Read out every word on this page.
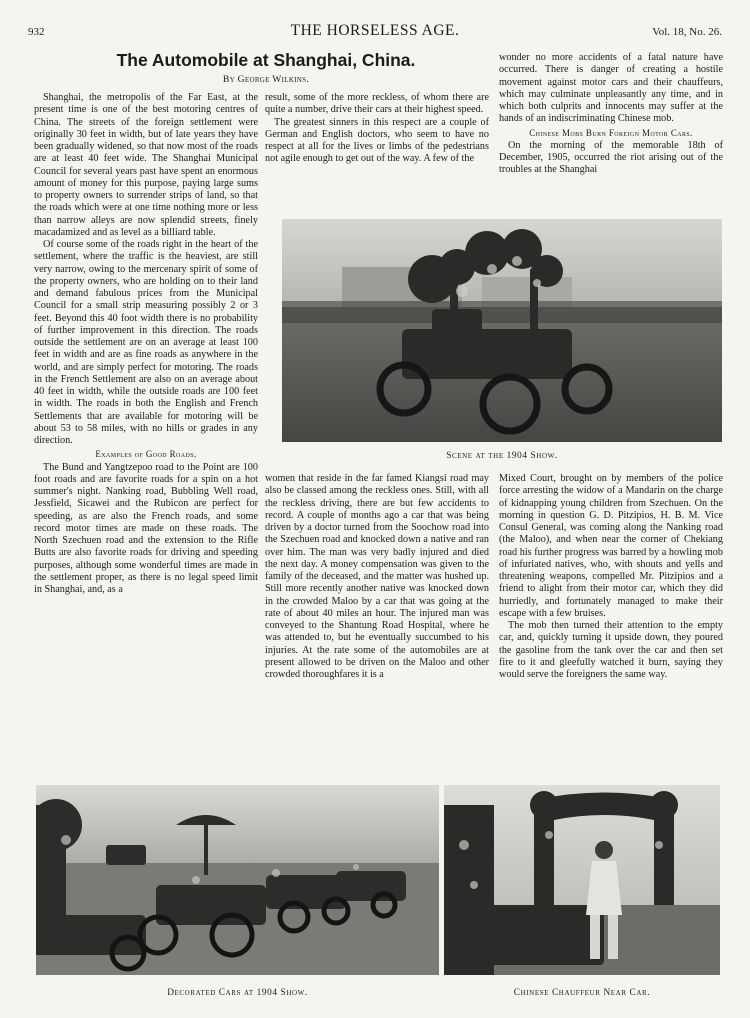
932	THE HORSELESS AGE.	Vol. 18, No. 26.
The Automobile at Shanghai, China.
By George Wilkins.

Shanghai, the metropolis of the Far East, at the present time is one of the best motoring centres of China. The streets of the foreign settlement were originally 30 feet in width, but of late years they have been gradually widened, so that now most of the roads are at least 40 feet wide. The Shanghai Municipal Council for several years past have spent an enormous amount of money for this purpose, paying large sums to property owners to surrender strips of land, so that the roads which were at one time nothing more or less than narrow alleys are now splendid streets, finely macadamized and as level as a billiard table.

Of course some of the roads right in the heart of the settlement, where the traffic is the heaviest, are still very narrow, owing to the mercenary spirit of some of the property owners, who are holding on to their land and demand fabulous prices from the Municipal Council for a small strip measuring possibly 2 or 3 feet. Beyond this 40 foot width there is no probability of further improvement in this direction. The roads outside the settlement are on an average at least 100 feet in width and are as fine roads as anywhere in the world, and are simply perfect for motoring. The roads in the French Settlement are also on an average about 40 feet in width, while the outside roads are 100 feet in width. The roads in both the English and French Settlements that are available for motoring will be about 53 to 58 miles, with no hills or grades in any direction.

Examples of Good Roads.

The Bund and Yangtzepoo road to the Point are 100 foot roads and are favorite roads for a spin on a hot summer's night. Nanking road, Bubbling Well road, Jessfield, Sicawei and the Rubicon are perfect for speeding, as are also the French roads, and some record motor times are made on these roads. The North Szechuen road and the extension to the Rifle Butts are also favorite roads for driving and speeding purposes, although some wonderful times are made in the settlement proper, as there is no legal speed limit in Shanghai, and, as a

result, some of the more reckless, of whom there are quite a number, drive their cars at their highest speed.

The greatest sinners in this respect are a couple of German and English doctors, who seem to have no respect at all for the lives or limbs of the pedestrians not agile enough to get out of the way. A few of the

wonder no more accidents of a fatal nature have occurred. There is danger of creating a hostile movement against motor cars and their chauffeurs, which may culminate unpleasantly any time, and in which both culprits and innocents may suffer at the hands of an indiscriminating Chinese mob.

Chinese Mobs Burn Foreign Motor Cars.

On the morning of the memorable 18th of December, 1905, occurred the riot arising out of the troubles at the Shanghai

Scene at the 1904 Show.

women that reside in the far famed Kiangsi road may also be classed among the reckless ones. Still, with all the reckless driving, there are but few accidents to record. A couple of months ago a car that was being driven by a doctor turned from the Soochow road into the Szechuen road and knocked down a native and ran over him. The man was very badly injured and died the next day. A money compensation was given to the family of the deceased, and the matter was hushed up. Still more recently another native was knocked down in the crowded Maloo by a car that was going at the rate of about 40 miles an hour. The injured man was conveyed to the Shantung Road Hospital, where he was attended to, but he eventually succumbed to his injuries. At the rate some of the automobiles are at present allowed to be driven on the Maloo and other crowded thoroughfares it is a

Mixed Court, brought on by members of the police force arresting the widow of a Mandarin on the charge of kidnapping young children from Szechuen. On the morning in question G. D. Pitzipios, H. B. M. Vice Consul General, was coming along the Nanking road (the Maloo), and when near the corner of Chekiang road his further progress was barred by a howling mob of infuriated natives, who, with shouts and yells and threatening weapons, compelled Mr. Pitzipios and a friend to alight from their motor car, which they did hurriedly, and fortunately managed to make their escape with a few bruises.

The mob then turned their attention to the empty car, and, quickly turning it upside down, they poured the gasoline from the tank over the car and then set fire to it and gleefully watched it burn, saying they would serve the foreigners the same way.

Decorated Cars at 1904 Show.	Chinese Chauffeur Near Car.
